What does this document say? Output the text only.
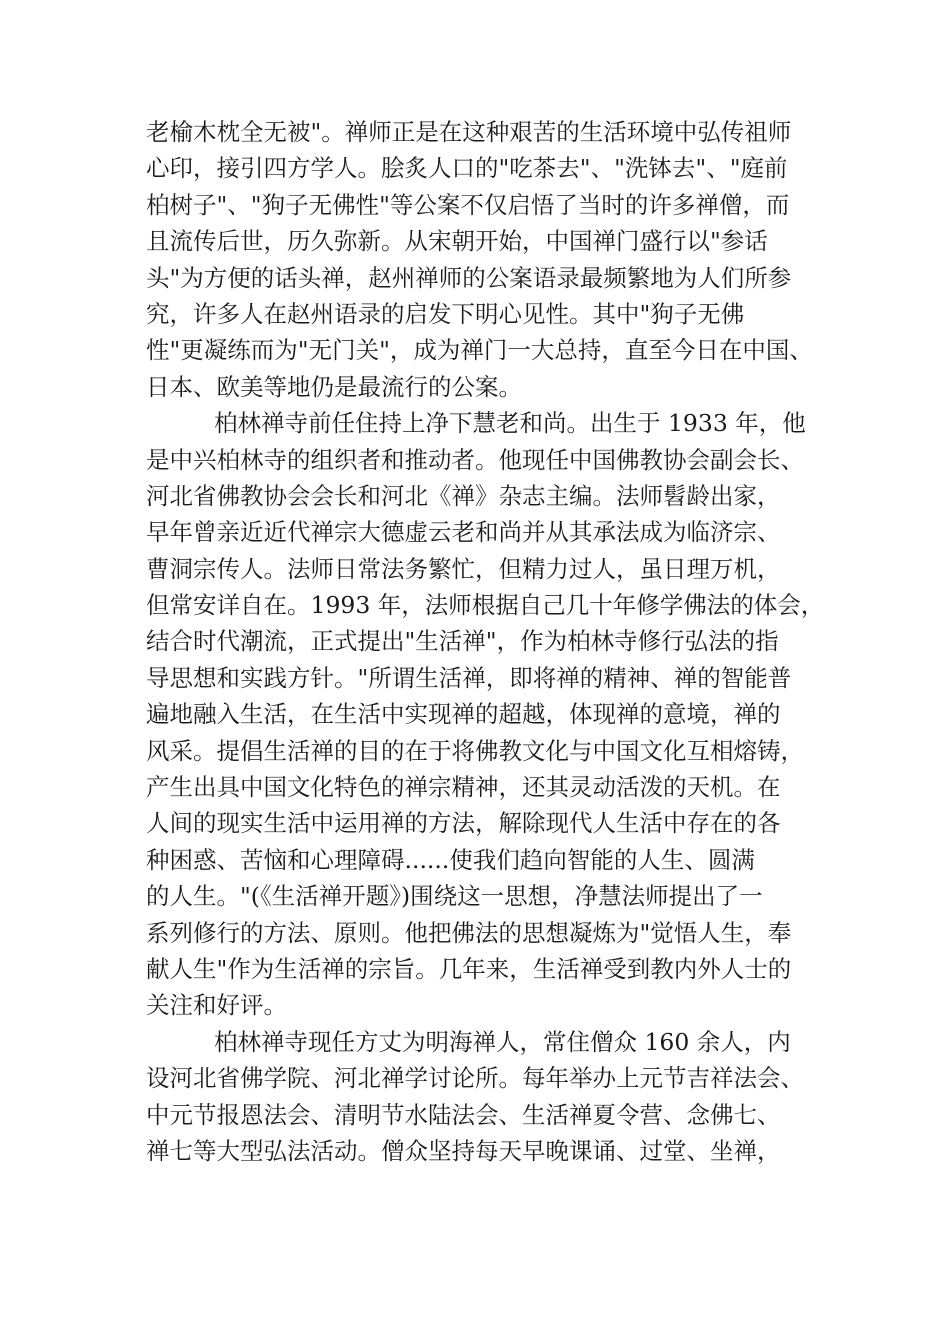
老榆木枕全无被"。禅师正是在这种艰苦的生活环境中弘传祖师
心印，接引四方学人。脍炙人口的"吃茶去"、"洗钵去"、"庭前
柏树子"、"狗子无佛性"等公案不仅启悟了当时的许多禅僧，而
且流传后世，历久弥新。从宋朝开始，中国禅门盛行以"参话
头"为方便的话头禅，赵州禅师的公案语录最频繁地为人们所参
究，许多人在赵州语录的启发下明心见性。其中"狗子无佛
性"更凝练而为"无门关"，成为禅门一大总持，直至今日在中国、
日本、欧美等地仍是最流行的公案。
柏林禅寺前任住持上净下慧老和尚。出生于 1933 年，他
是中兴柏林寺的组织者和推动者。他现任中国佛教协会副会长、
河北省佛教协会会长和河北《禅》杂志主编。法师髫龄出家，
早年曾亲近近代禅宗大德虚云老和尚并从其承法成为临济宗、
曹洞宗传人。法师日常法务繁忙，但精力过人，虽日理万机，
但常安详自在。1993 年，法师根据自己几十年修学佛法的体会，
结合时代潮流，正式提出"生活禅"，作为柏林寺修行弘法的指
导思想和实践方针。"所谓生活禅，即将禅的精神、禅的智能普
遍地融入生活，在生活中实现禅的超越，体现禅的意境，禅的
风采。提倡生活禅的目的在于将佛教文化与中国文化互相熔铸，
产生出具中国文化特色的禅宗精神，还其灵动活泼的天机。在
人间的现实生活中运用禅的方法，解除现代人生活中存在的各
种困惑、苦恼和心理障碍......使我们趋向智能的人生、圆满
的人生。"(《生活禅开题》)围绕这一思想，净慧法师提出了一
系列修行的方法、原则。他把佛法的思想凝炼为"觉悟人生，奉
献人生"作为生活禅的宗旨。几年来，生活禅受到教内外人士的
关注和好评。
柏林禅寺现任方丈为明海禅人，常住僧众 160 余人，内
设河北省佛学院、河北禅学讨论所。每年举办上元节吉祥法会、
中元节报恩法会、清明节水陆法会、生活禅夏令营、念佛七、
禅七等大型弘法活动。僧众坚持每天早晚课诵、过堂、坐禅，
